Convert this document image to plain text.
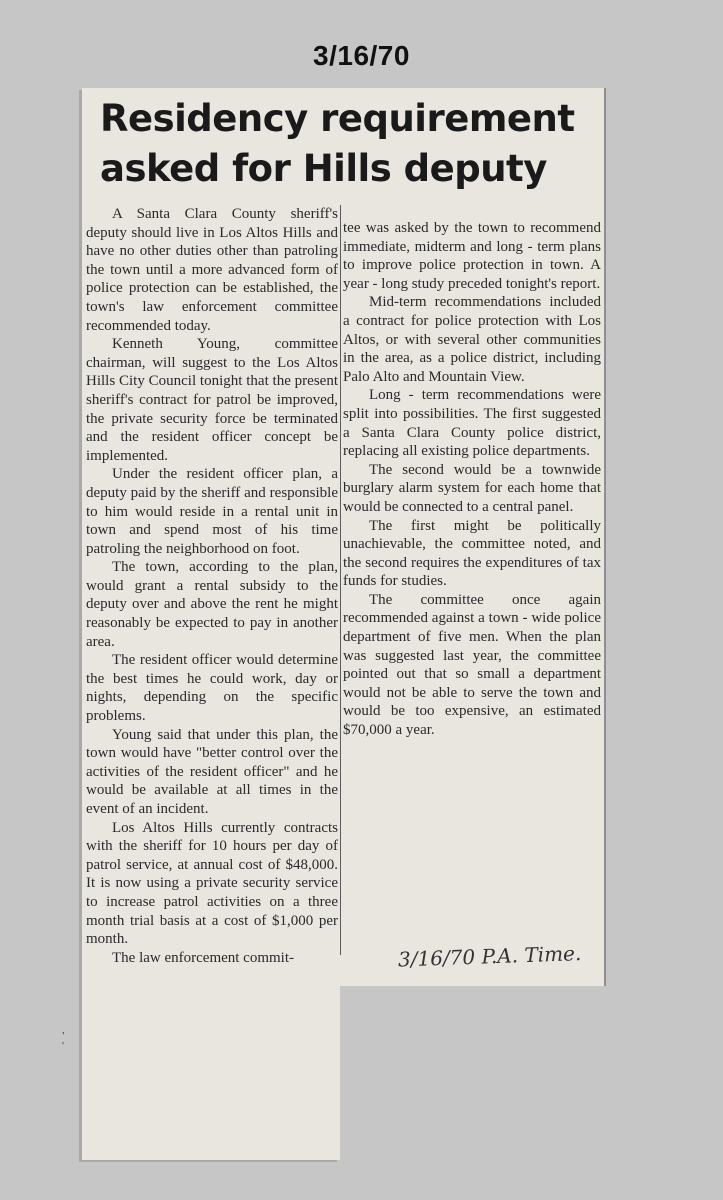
3/16/70
Residency requirement
asked for Hills deputy

A Santa Clara County sheriff's deputy should live in Los Altos Hills and have no other duties other than patroling the town until a more advanced form of police protection can be established, the town's law enforcement committee recommended today.

Kenneth Young, committee chairman, will suggest to the Los Altos Hills City Council tonight that the present sheriff's contract for patrol be improved, the private security force be terminated and the resident officer concept be implemented.

Under the resident officer plan, a deputy paid by the sheriff and responsible to him would reside in a rental unit in town and spend most of his time patroling the neighborhood on foot.

The town, according to the plan, would grant a rental subsidy to the deputy over and above the rent he might reasonably be expected to pay in another area.

The resident officer would determine the best times he could work, day or nights, depending on the specific problems.

Young said that under this plan, the town would have "better control over the activities of the resident officer" and he would be available at all times in the event of an incident.

Los Altos Hills currently contracts with the sheriff for 10 hours per day of patrol service, at annual cost of $48,000. It is now using a private security service to increase patrol activities on a three month trial basis at a cost of $1,000 per month.

The law enforcement commit-

tee was asked by the town to recommend immediate, midterm and long - term plans to improve police protection in town. A year - long study preceded tonight's report.

Mid-term recommendations included a contract for police protection with Los Altos, or with several other communities in the area, as a police district, including Palo Alto and Mountain View.

Long - term recommendations were split into possibilities. The first suggested a Santa Clara County police district, replacing all existing police departments.

The second would be a townwide burglary alarm system for each home that would be connected to a central panel.

The first might be politically unachievable, the committee noted, and the second requires the expenditures of tax funds for studies.

The committee once again recommended against a town - wide police department of five men. When the plan was suggested last year, the committee pointed out that so small a department would not be able to serve the town and would be too expensive, an estimated $70,000 a year.

3/16/70 P.A. Time.
,
'
